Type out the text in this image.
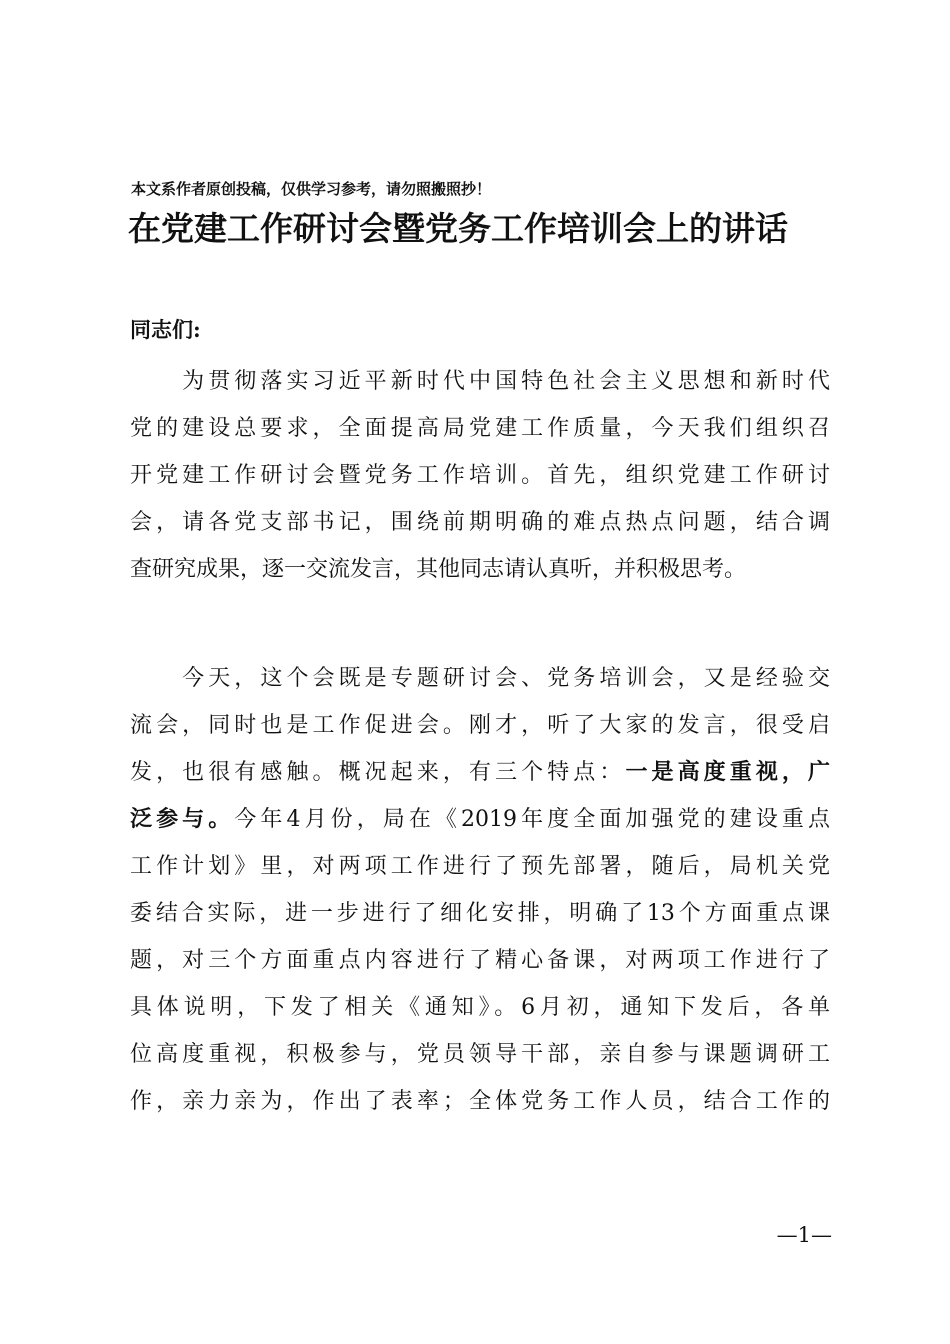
本文系作者原创投稿，仅供学习参考，请勿照搬照抄！
在党建工作研讨会暨党务工作培训会上的讲话
同志们:
　　为贯彻落实习近平新时代中国特色社会主义思想和新时代
党的建设总要求，全面提高局党建工作质量，今天我们组织召
开党建工作研讨会暨党务工作培训。首先，组织党建工作研讨
会，请各党支部书记，围绕前期明确的难点热点问题，结合调
查研究成果，逐一交流发言，其他同志请认真听，并积极思考。
　　今天，这个会既是专题研讨会、党务培训会，又是经验交
流会，同时也是工作促进会。刚才，听了大家的发言，很受启
发，也很有感触。概况起来，有三个特点：一是高度重视，广
泛参与。今年4月份，局在《2019年度全面加强党的建设重点
工作计划》里，对两项工作进行了预先部署，随后，局机关党
委结合实际，进一步进行了细化安排，明确了13个方面重点课
题，对三个方面重点内容进行了精心备课，对两项工作进行了
具体说明，下发了相关《通知》。6月初，通知下发后，各单
位高度重视，积极参与，党员领导干部，亲自参与课题调研工
作，亲力亲为，作出了表率；全体党务工作人员，结合工作的
—1—
